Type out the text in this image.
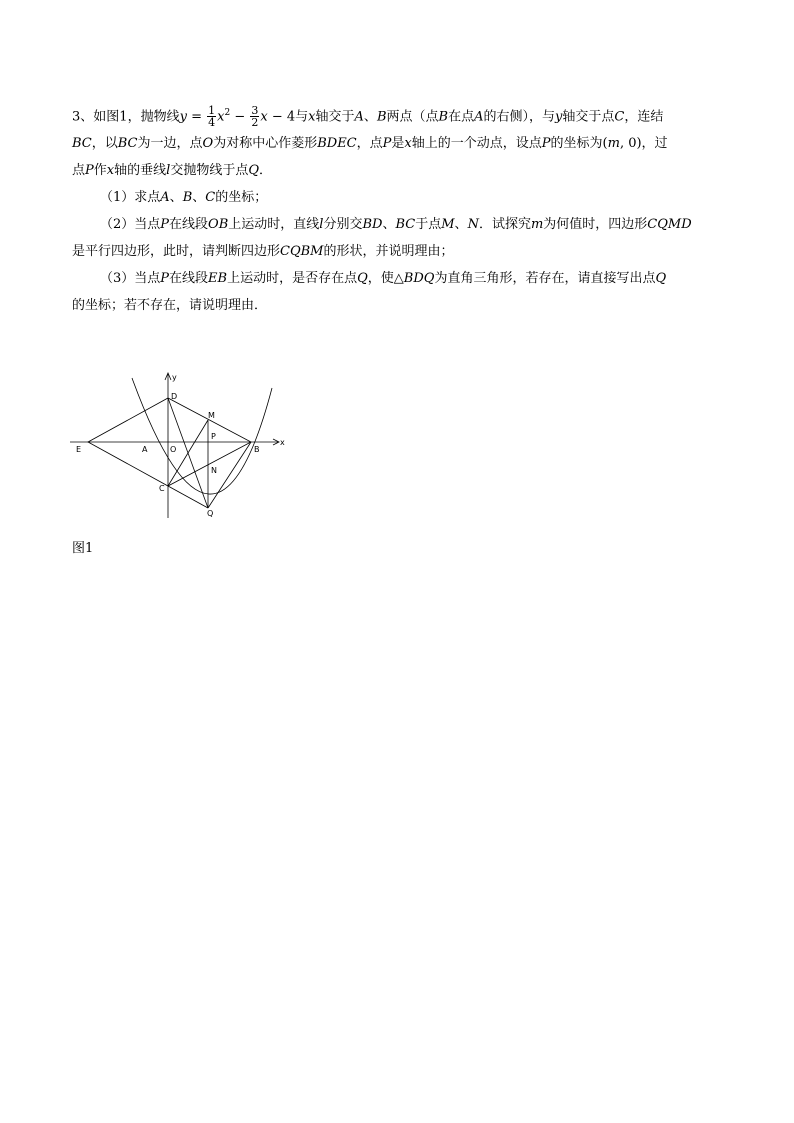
3、如图1，抛物线$y = \frac{1}{4} x^2 - \frac{3}{2}$ x − 4与x轴交于A、B两点（点B在点A的右侧），与y轴交于点C，连结
BC，以BC为一边，点O为对称中心作菱形BDEC，点P是x轴上的一个动点，设点P的坐标为(m, 0)，过
点P作x轴的垂线l交抛物线于点Q．
（1）求点A、B、C的坐标；
（2）当点P在线段OB上运动时，直线l分别交BD、BC于点M、N．试探究m为何值时，四边形CQMD
是平行四边形，此时，请判断四边形CQBM的形状，并说明理由；
（3）当点P在线段EB上运动时，是否存在点Q，使△BDQ为直角三角形，若存在，请直接写出点Q
的坐标；若不存在，请说明理由．
y
x
D
M
P
E	A	O	B
N
C
Q
图1
